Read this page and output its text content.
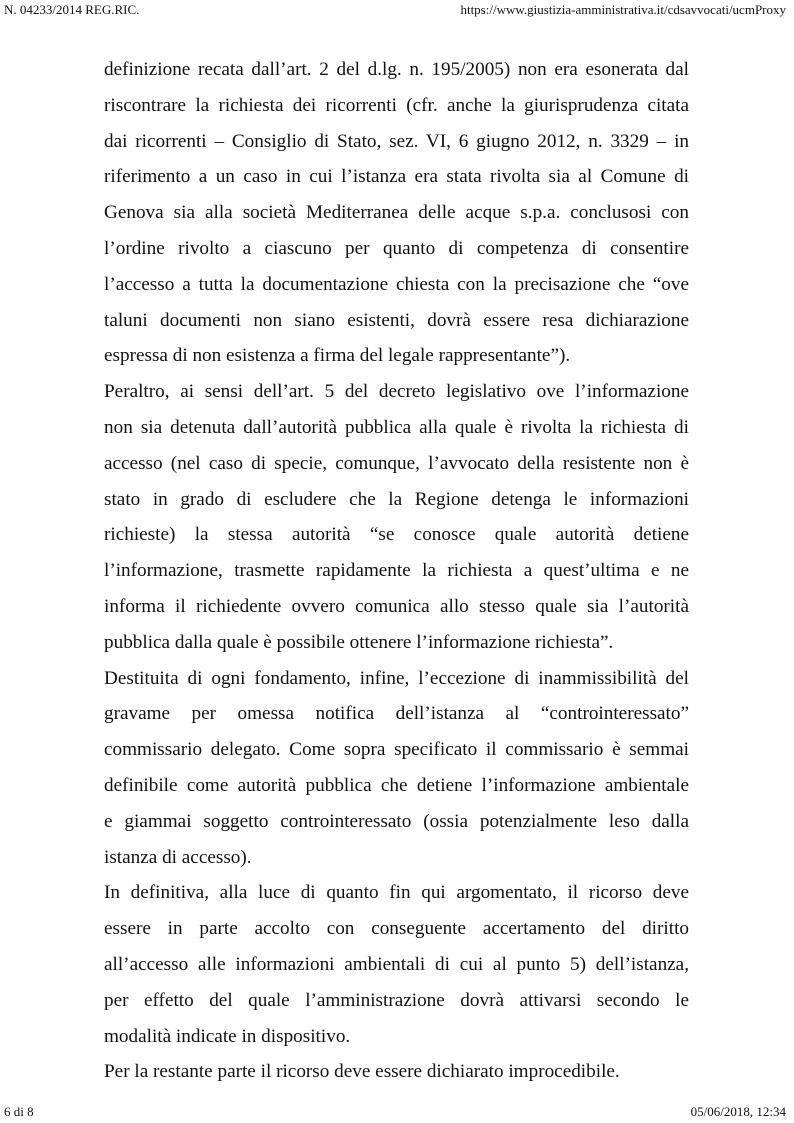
N. 04233/2014 REG.RIC.	https://www.giustizia-amministrativa.it/cdsavvocati/ucmProxy
definizione recata dall’art. 2 del d.lg. n. 195/2005) non era esonerata dal
riscontrare la richiesta dei ricorrenti (cfr. anche la giurisprudenza citata
dai ricorrenti – Consiglio di Stato, sez. VI, 6 giugno 2012, n. 3329 – in
riferimento a un caso in cui l’istanza era stata rivolta sia al Comune di
Genova sia alla società Mediterranea delle acque s.p.a. conclusosi con
l’ordine rivolto a ciascuno per quanto di competenza di consentire
l’accesso a tutta la documentazione chiesta con la precisazione che “ove
taluni documenti non siano esistenti, dovrà essere resa dichiarazione
espressa di non esistenza a firma del legale rappresentante”).
Peraltro, ai sensi dell’art. 5 del decreto legislativo ove l’informazione
non sia detenuta dall’autorità pubblica alla quale è rivolta la richiesta di
accesso (nel caso di specie, comunque, l’avvocato della resistente non è
stato in grado di escludere che la Regione detenga le informazioni
richieste) la stessa autorità “se conosce quale autorità detiene
l’informazione, trasmette rapidamente la richiesta a quest’ultima e ne
informa il richiedente ovvero comunica allo stesso quale sia l’autorità
pubblica dalla quale è possibile ottenere l’informazione richiesta”.
Destituita di ogni fondamento, infine, l’eccezione di inammissibilità del
gravame per omessa notifica dell’istanza al “controinteressato”
commissario delegato. Come sopra specificato il commissario è semmai
definibile come autorità pubblica che detiene l’informazione ambientale
e giammai soggetto controinteressato (ossia potenzialmente leso dalla
istanza di accesso).
In definitiva, alla luce di quanto fin qui argomentato, il ricorso deve
essere in parte accolto con conseguente accertamento del diritto
all’accesso alle informazioni ambientali di cui al punto 5) dell’istanza,
per effetto del quale l’amministrazione dovrà attivarsi secondo le
modalità indicate in dispositivo.
Per la restante parte il ricorso deve essere dichiarato improcedibile.
6 di 8	05/06/2018, 12:34
